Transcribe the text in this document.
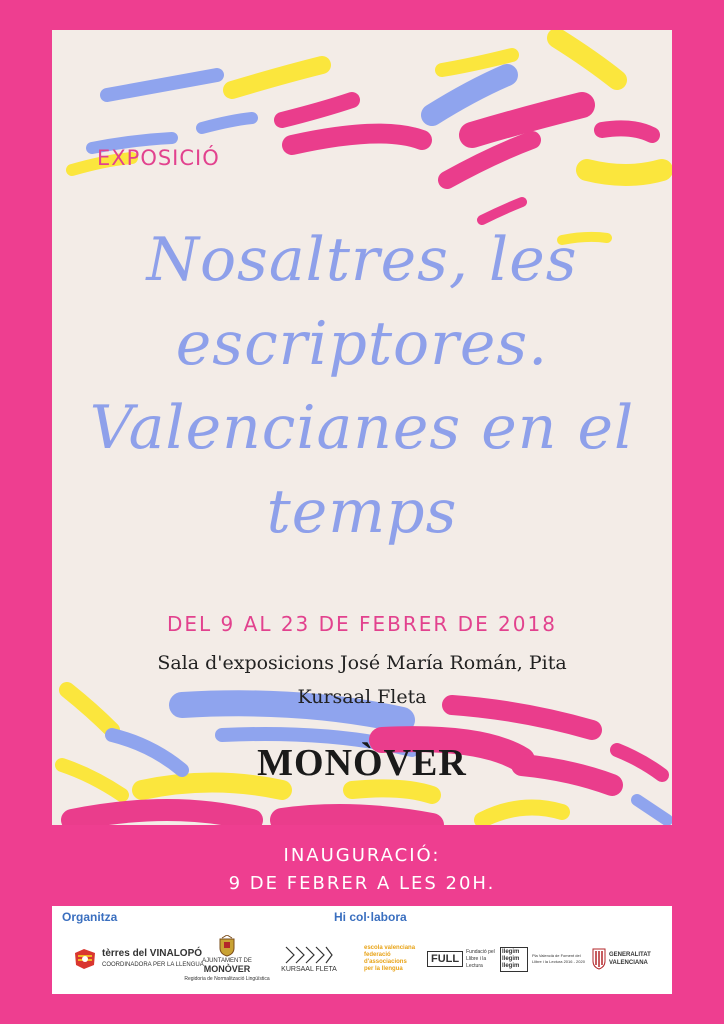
EXPOSICIÓ
Nosaltres, les
escriptores.
Valencianes en el
temps
DEL 9 AL 23 DE FEBRER DE 2018
Sala d'exposicions José María Román, Pita
Kursaal Fleta
MONÒVER
INAUGURACIÓ:
9 DE FEBRER A LES 20H.
Organitza	Hi col·labora
tèrres del VINALOPÓ
COORDINADORA PER LA LLENGUA
AJUNTAMENT DE
MONÒVER
Regidoria de Normalització Lingüística
KURSAAL FLETA
escola valenciana federació d'associacions per la llengua
FULL
Fundació pel Llibre i la Lectura
llegim llegim llegim
Pla Valencià de Foment del Llibre i la Lectura 2016 - 2020
GENERALITAT VALENCIANA
